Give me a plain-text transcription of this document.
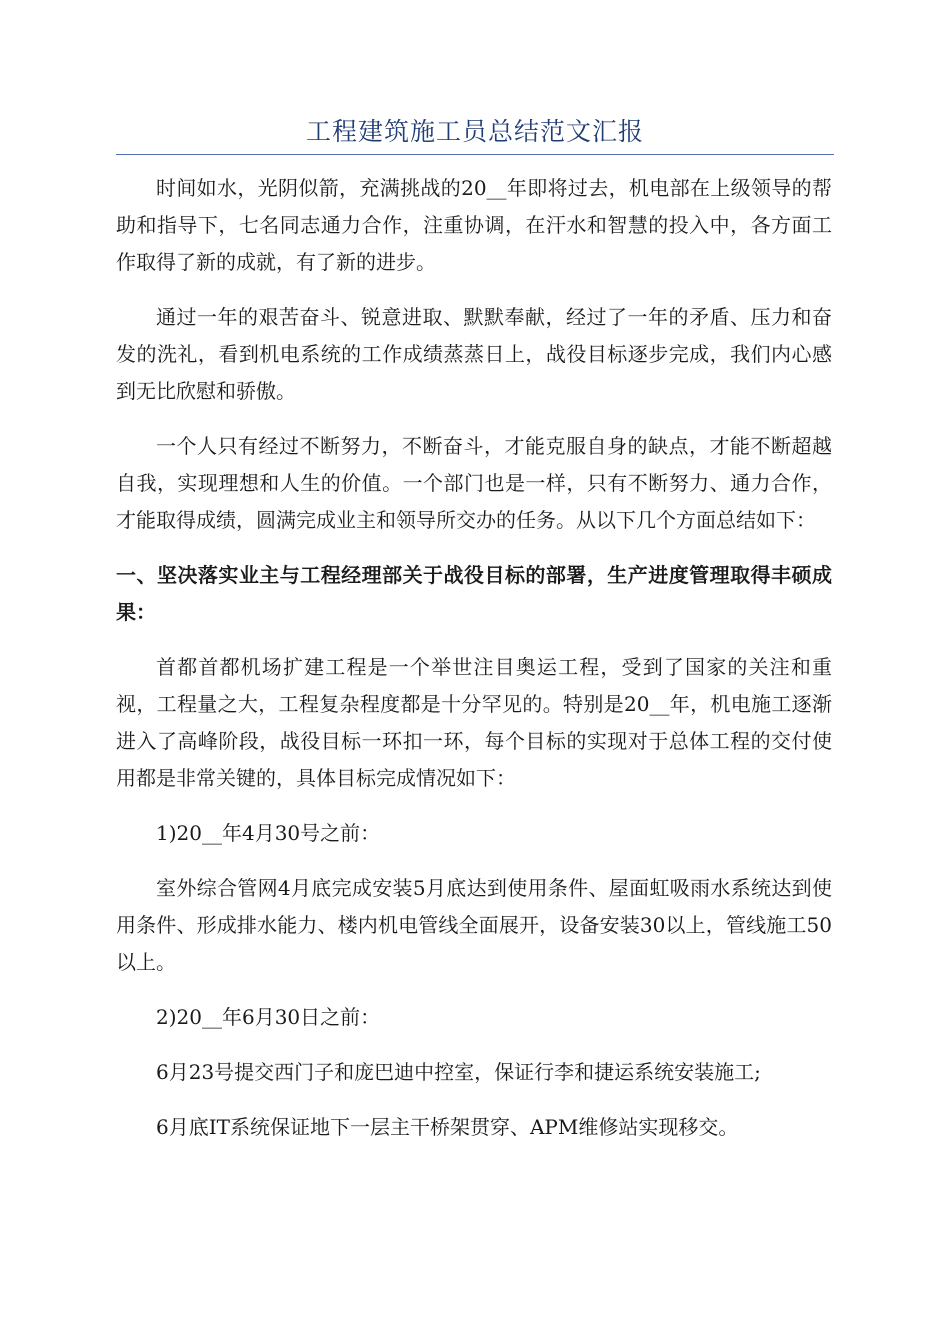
工程建筑施工员总结范文汇报

时间如水，光阴似箭，充满挑战的20__年即将过去，机电部在上级领导的帮助和指导下，七名同志通力合作，注重协调，在汗水和智慧的投入中，各方面工作取得了新的成就，有了新的进步。

通过一年的艰苦奋斗、锐意进取、默默奉献，经过了一年的矛盾、压力和奋发的洗礼，看到机电系统的工作成绩蒸蒸日上，战役目标逐步完成，我们内心感到无比欣慰和骄傲。

一个人只有经过不断努力，不断奋斗，才能克服自身的缺点，才能不断超越自我，实现理想和人生的价值。一个部门也是一样，只有不断努力、通力合作，才能取得成绩，圆满完成业主和领导所交办的任务。从以下几个方面总结如下：

一、坚决落实业主与工程经理部关于战役目标的部署，生产进度管理取得丰硕成果：

首都首都机场扩建工程是一个举世注目奥运工程，受到了国家的关注和重视，工程量之大，工程复杂程度都是十分罕见的。特别是20__年，机电施工逐渐进入了高峰阶段，战役目标一环扣一环，每个目标的实现对于总体工程的交付使用都是非常关键的，具体目标完成情况如下：

1)20__年4月30号之前：

室外综合管网4月底完成安装5月底达到使用条件、屋面虹吸雨水系统达到使用条件、形成排水能力、楼内机电管线全面展开，设备安装30以上，管线施工50以上。

2)20__年6月30日之前：

6月23号提交西门子和庞巴迪中控室，保证行李和捷运系统安装施工;

6月底IT系统保证地下一层主干桥架贯穿、APM维修站实现移交。
